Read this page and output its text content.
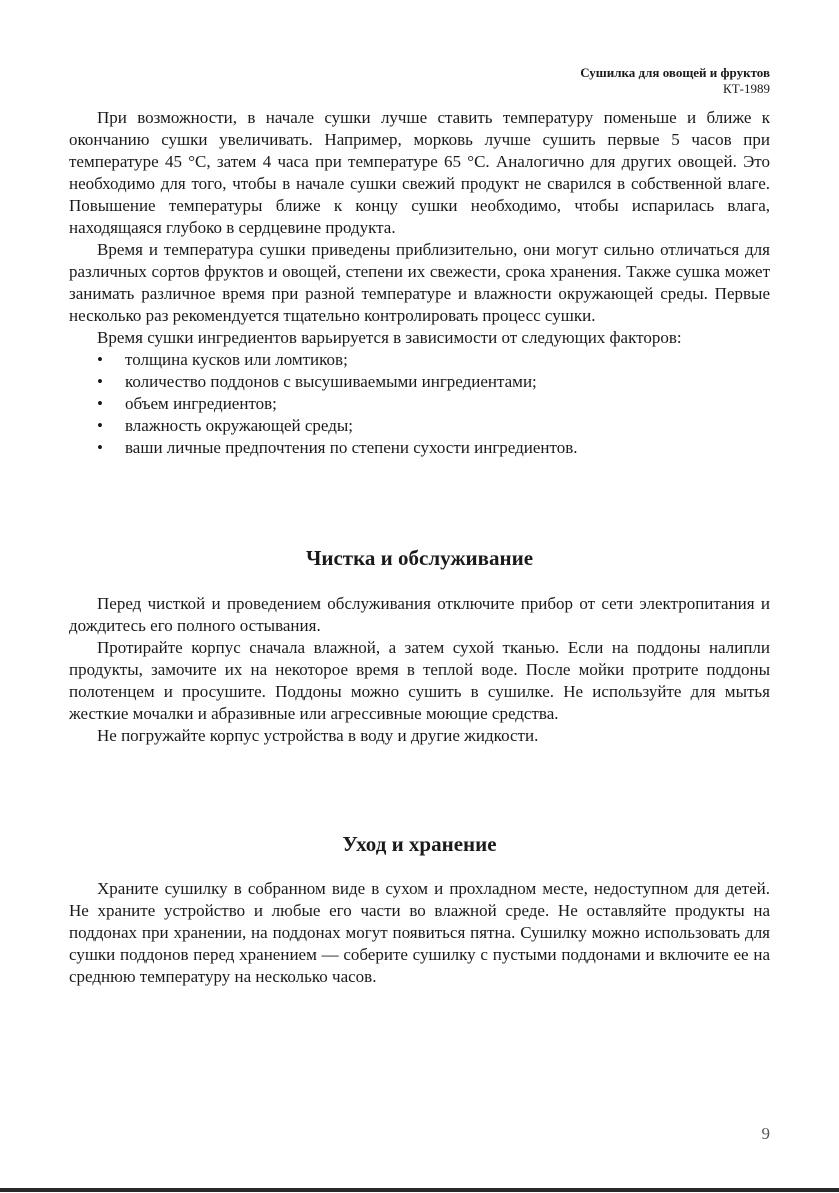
Сушилка для овощей и фруктов
КТ-1989

При возможности, в начале сушки лучше ставить температуру поменьше и ближе к окончанию сушки увеличивать. Например, морковь лучше сушить первые 5 часов при температуре 45 °С, затем 4 часа при температуре 65 °С. Аналогично для других овощей. Это необходимо для того, чтобы в начале сушки свежий продукт не сварился в собственной влаге. Повышение температуры ближе к концу сушки необходимо, чтобы испарилась влага, находящаяся глубоко в сердцевине продукта.

Время и температура сушки приведены приблизительно, они могут сильно отличаться для различных сортов фруктов и овощей, степени их свежести, срока хранения. Также сушка может занимать различное время при разной температуре и влажности окружающей среды. Первые несколько раз рекомендуется тщательно контролировать процесс сушки.

Время сушки ингредиентов варьируется в зависимости от следующих факторов:

• толщина кусков или ломтиков;
• количество поддонов с высушиваемыми ингредиентами;
• объем ингредиентов;
• влажность окружающей среды;
• ваши личные предпочтения по степени сухости ингредиентов.
Чистка и обслуживание

Перед чисткой и проведением обслуживания отключите прибор от сети электропитания и дождитесь его полного остывания.

Протирайте корпус сначала влажной, а затем сухой тканью. Если на поддоны налипли продукты, замочите их на некоторое время в теплой воде. После мойки протрите поддоны полотенцем и просушите. Поддоны можно сушить в сушилке. Не используйте для мытья жесткие мочалки и абразивные или агрессивные моющие средства.

Не погружайте корпус устройства в воду и другие жидкости.

Уход и хранение

Храните сушилку в собранном виде в сухом и прохладном месте, недоступном для детей. Не храните устройство и любые его части во влажной среде. Не оставляйте продукты на поддонах при хранении, на поддонах могут появиться пятна. Сушилку можно использовать для сушки поддонов перед хранением — соберите сушилку с пустыми поддонами и включите ее на среднюю температуру на несколько часов.

9
